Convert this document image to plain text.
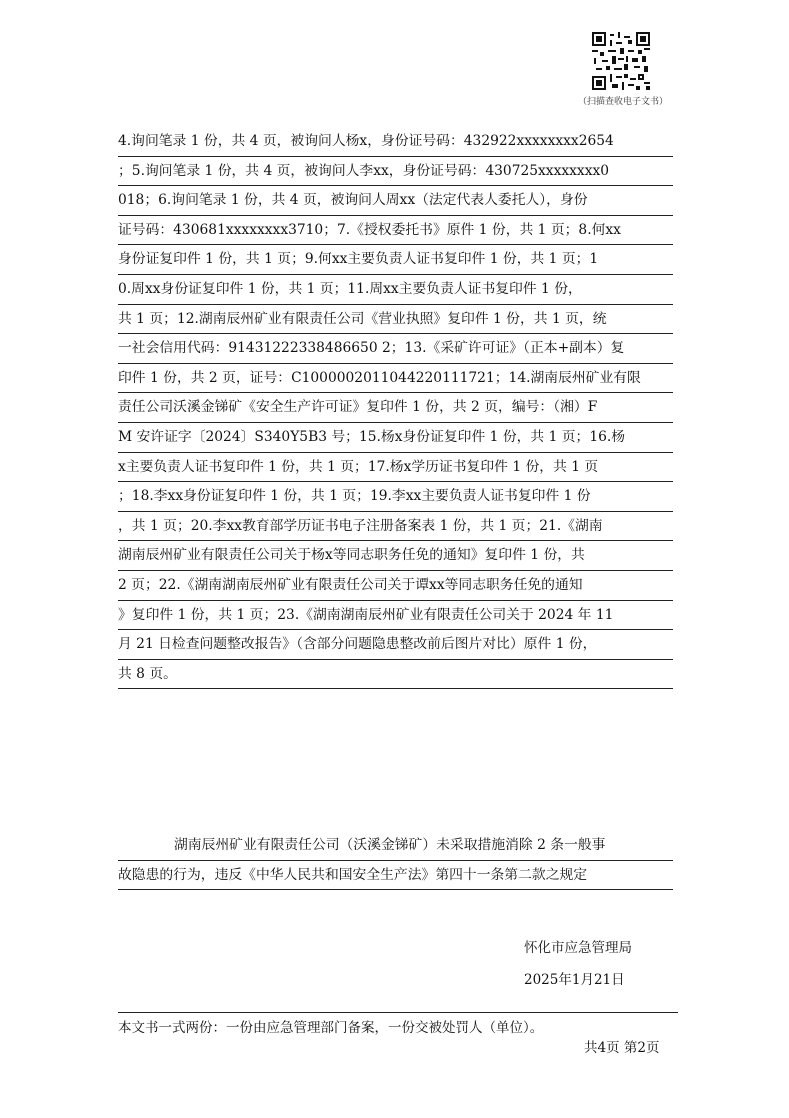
（扫描查收电子文书）
4.询问笔录 1 份，共 4 页，被询问人杨x，身份证号码：432922xxxxxxxx2654
；5.询问笔录 1 份，共 4 页，被询问人李xx，身份证号码：430725xxxxxxxx0
018；6.询问笔录 1 份，共 4 页，被询问人周xx（法定代表人委托人），身份
证号码：430681xxxxxxxx3710；7.《授权委托书》原件 1 份，共 1 页；8.何xx
身份证复印件 1 份，共 1 页；9.何xx主要负责人证书复印件 1 份，共 1 页；1
0.周xx身份证复印件 1 份，共 1 页；11.周xx主要负责人证书复印件 1 份，
共 1 页；12.湖南辰州矿业有限责任公司《营业执照》复印件 1 份，共 1 页，统
一社会信用代码：91431222338486650 2；13.《采矿许可证》（正本+副本）复
印件 1 份，共 2 页，证号：C1000002011044220111721；14.湖南辰州矿业有限
责任公司沃溪金锑矿《安全生产许可证》复印件 1 份，共 2 页，编号：（湘）F
M 安许证字〔2024〕S340Y5B3 号；15.杨x身份证复印件 1 份，共 1 页；16.杨
x主要负责人证书复印件 1 份，共 1 页；17.杨x学历证书复印件 1 份，共 1 页
；18.李xx身份证复印件 1 份，共 1 页；19.李xx主要负责人证书复印件 1 份
，共 1 页；20.李xx教育部学历证书电子注册备案表 1 份，共 1 页；21.《湖南
湖南辰州矿业有限责任公司关于杨x等同志职务任免的通知》复印件 1 份，共
2 页；22.《湖南湖南辰州矿业有限责任公司关于谭xx等同志职务任免的通知
》复印件 1 份，共 1 页；23.《湖南湖南辰州矿业有限责任公司关于 2024 年 11
月 21 日检查问题整改报告》（含部分问题隐患整改前后图片对比）原件 1 份，
共 8 页。
湖南辰州矿业有限责任公司（沃溪金锑矿）未采取措施消除 2 条一般事
故隐患的行为，违反《中华人民共和国安全生产法》第四十一条第二款之规定
怀化市应急管理局
2025年1月21日
本文书一式两份：一份由应急管理部门备案，一份交被处罚人（单位）。
共4页 第2页
